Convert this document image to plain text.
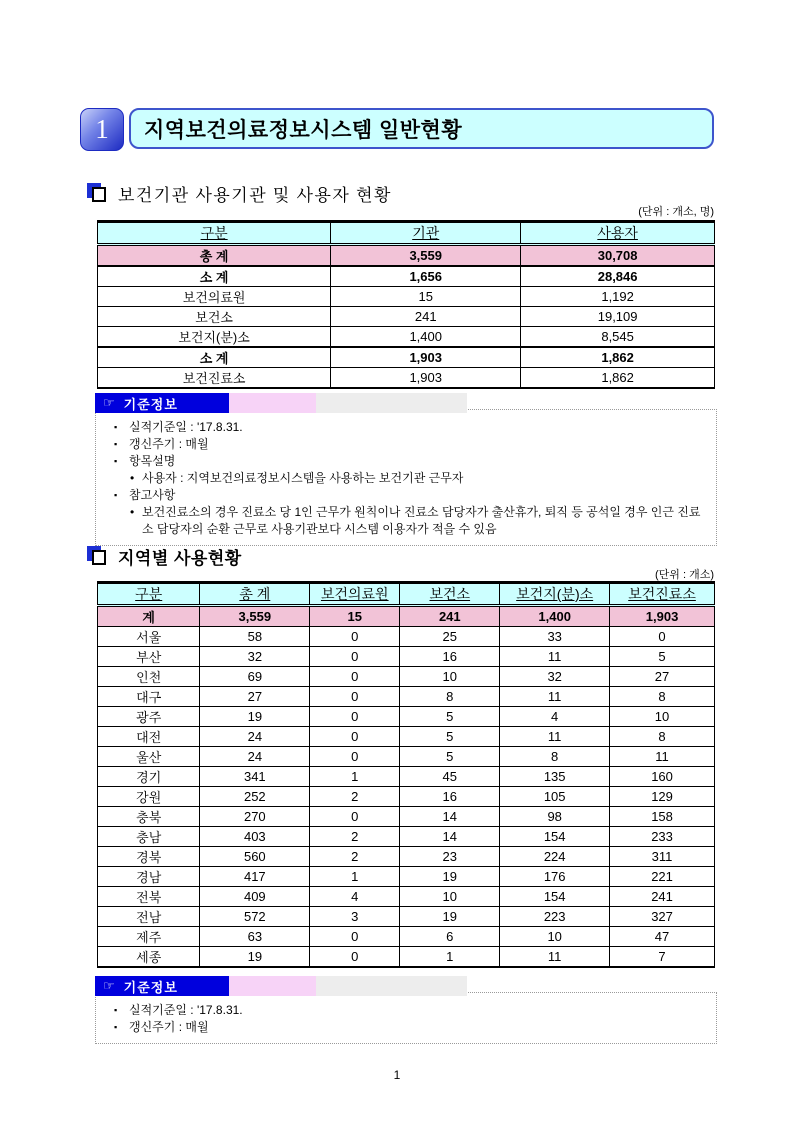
1	지역보건의료정보시스템 일반현황
보건기관 사용기관 및 사용자 현황
(단위 : 개소, 명)
구분	기관	사용자
총 계	3,559	30,708
소 계	1,656	28,846
보건의료원	15	1,192
보건소	241	19,109
보건지(분)소	1,400	8,545
소 계	1,903	1,862
보건진료소	1,903	1,862
☞ 기준정보
▪ 실적기준일 : '17.8.31.
▪ 갱신주기 : 매월
▪ 항목설명
• 사용자 : 지역보건의료정보시스템을 사용하는 보건기관 근무자
▪ 참고사항
• 보건진료소의 경우 진료소 당 1인 근무가 원칙이나 진료소 담당자가 출산휴가, 퇴직 등 공석일 경우 인근 진료소 담당자의 순환 근무로 사용기관보다 시스템 이용자가 적을 수 있음
지역별 사용현황
(단위 : 개소)
구분	총 계	보건의료원	보건소	보건지(분)소	보건진료소
계	3,559	15	241	1,400	1,903
서울	58	0	25	33	0
부산	32	0	16	11	5
인천	69	0	10	32	27
대구	27	0	8	11	8
광주	19	0	5	4	10
대전	24	0	5	11	8
울산	24	0	5	8	11
경기	341	1	45	135	160
강원	252	2	16	105	129
충북	270	0	14	98	158
충남	403	2	14	154	233
경북	560	2	23	224	311
경남	417	1	19	176	221
전북	409	4	10	154	241
전남	572	3	19	223	327
제주	63	0	6	10	47
세종	19	0	1	11	7
☞ 기준정보
▪ 실적기준일 : '17.8.31.
▪ 갱신주기 : 매월
1
